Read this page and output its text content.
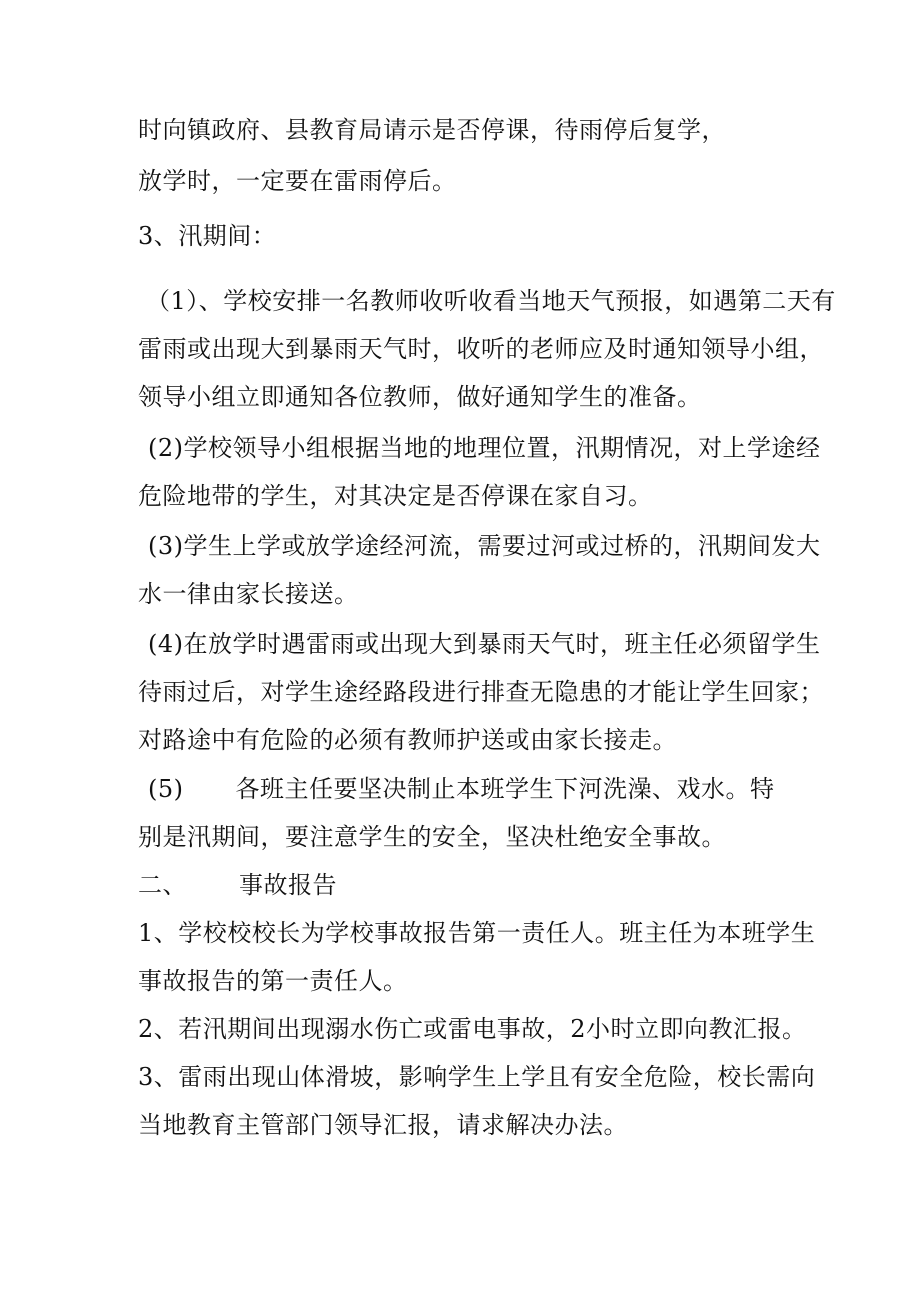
时向镇政府、县教育局请示是否停课，待雨停后复学，
放学时，一定要在雷雨停后。
3、汛期间：
（1）、学校安排一名教师收听收看当地天气预报，如遇第二天有
雷雨或出现大到暴雨天气时，收听的老师应及时通知领导小组，
领导小组立即通知各位教师，做好通知学生的准备。
(2)学校领导小组根据当地的地理位置，汛期情况，对上学途经
危险地带的学生，对其决定是否停课在家自习。
(3)学生上学或放学途经河流，需要过河或过桥的，汛期间发大
水一律由家长接送。
(4)在放学时遇雷雨或出现大到暴雨天气时，班主任必须留学生
待雨过后，对学生途经路段进行排查无隐患的才能让学生回家；
对路途中有危险的必须有教师护送或由家长接走。
(5) 各班主任要坚决制止本班学生下河洗澡、戏水。特
别是汛期间，要注意学生的安全，坚决杜绝安全事故。
二、 事故报告
1、学校校校长为学校事故报告第一责任人。班主任为本班学生
事故报告的第一责任人。
2、若汛期间出现溺水伤亡或雷电事故，2小时立即向教汇报。
3、雷雨出现山体滑坡，影响学生上学且有安全危险，校长需向
当地教育主管部门领导汇报，请求解决办法。
